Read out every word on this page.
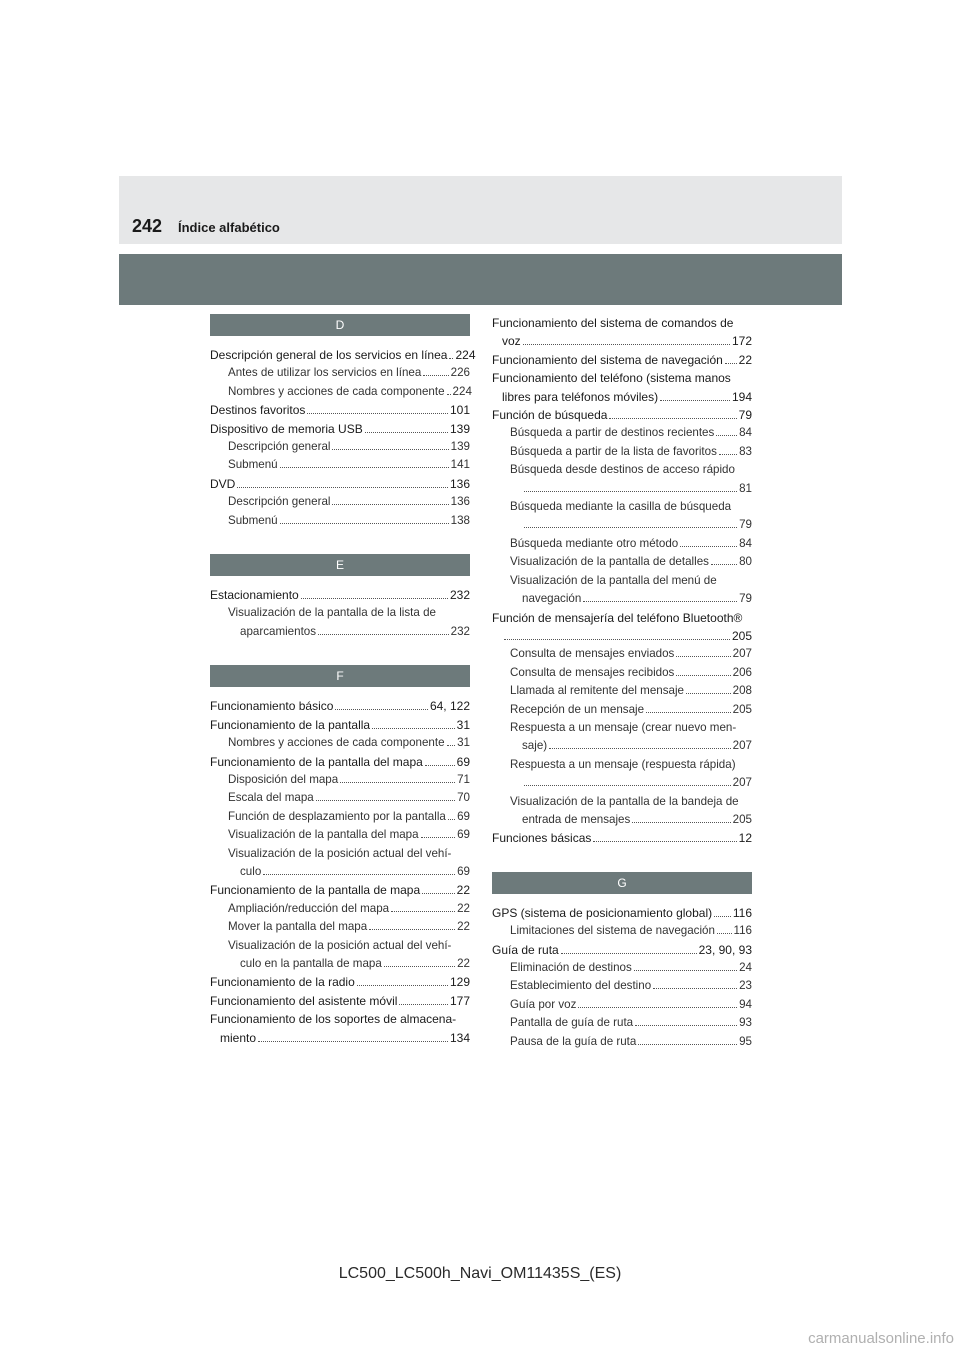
242 Índice alfabético
D
Descripción general de los servicios en línea 224
Antes de utilizar los servicios en línea	226
Nombres y acciones de cada componente 224
Destinos favoritos	101
Dispositivo de memoria USB	139
Descripción general	139
Submenú	141
DVD	136
Descripción general	136
Submenú	138
E
Estacionamiento	232
Visualización de la pantalla de la lista de
aparcamientos	232
F
Funcionamiento básico	64, 122
Funcionamiento de la pantalla	31
Nombres y acciones de cada componente 31
Funcionamiento de la pantalla del mapa	69
Disposición del mapa	71
Escala del mapa	70
Función de desplazamiento por la pantalla 69
Visualización de la pantalla del mapa	69
Visualización de la posición actual del vehí-
culo	69
Funcionamiento de la pantalla de mapa	22
Ampliación/reducción del mapa	22
Mover la pantalla del mapa	22
Visualización de la posición actual del vehí-
culo en la pantalla de mapa	22
Funcionamiento de la radio	129
Funcionamiento del asistente móvil	177
Funcionamiento de los soportes de almacena-
miento	134
Funcionamiento del sistema de comandos de
voz	172
Funcionamiento del sistema de navegación 22
Funcionamiento del teléfono (sistema manos
libres para teléfonos móviles)	194
Función de búsqueda	79
Búsqueda a partir de destinos recientes 84
Búsqueda a partir de la lista de favoritos 83
Búsqueda desde destinos de acceso rápido
81
Búsqueda mediante la casilla de búsqueda
79
Búsqueda mediante otro método	84
Visualización de la pantalla de detalles	80
Visualización de la pantalla del menú de
navegación	79
Función de mensajería del teléfono Bluetooth®
205
Consulta de mensajes enviados	207
Consulta de mensajes recibidos	206
Llamada al remitente del mensaje	208
Recepción de un mensaje	205
Respuesta a un mensaje (crear nuevo men-
saje)	207
Respuesta a un mensaje (respuesta rápida)
207
Visualización de la pantalla de la bandeja de
entrada de mensajes	205
Funciones básicas	12
G
GPS (sistema de posicionamiento global) 116
Limitaciones del sistema de navegación 116
Guía de ruta	23, 90, 93
Eliminación de destinos	24
Establecimiento del destino	23
Guía por voz	94
Pantalla de guía de ruta	93
Pausa de la guía de ruta	95
LC500_LC500h_Navi_OM11435S_(ES)
carmanualsonline.info
